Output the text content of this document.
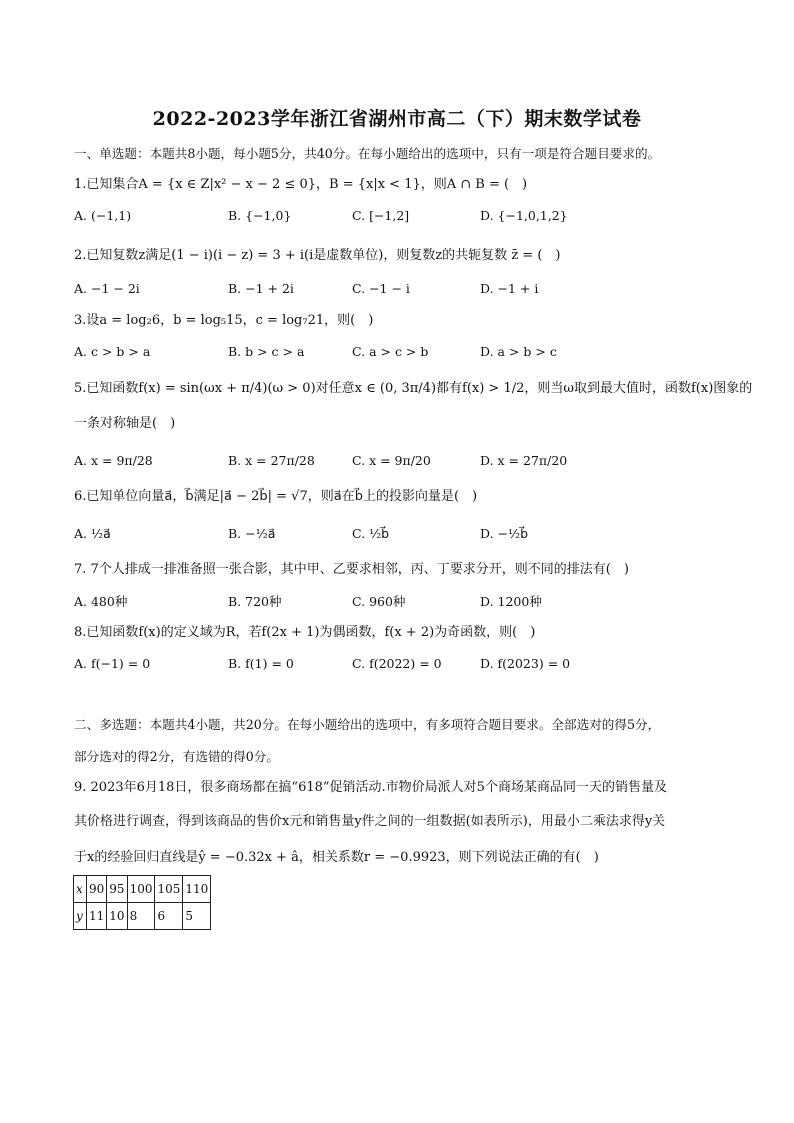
2022-2023学年浙江省湖州市高二（下）期末数学试卷
一、单选题：本题共8小题，每小题5分，共40分。在每小题给出的选项中，只有一项是符合题目要求的。
1.已知集合A = {x ∈ Z|x² − x − 2 ≤ 0}，B = {x|x < 1}，则A ∩ B = (　)
A. (−1,1)	B. {−1,0}	C. [−1,2]	D. {−1,0,1,2}
2.已知复数z满足(1 − i)(i − z) = 3 + i(i是虚数单位)，则复数z的共轭复数 z̄ = (　)
A. −1 − 2i	B. −1 + 2i	C. −1 − i	D. −1 + i
3.设a = log₂6，b = log₅15，c = log₇21，则(　)
A. c > b > a	B. b > c > a	C. a > c > b	D. a > b > c
5.已知函数f(x) = sin(ωx + π/4)(ω > 0)对任意x ∈ (0, 3π/4)都有f(x) > 1/2，则当ω取到最大值时，函数f(x)图象的
一条对称轴是(　)
A. x = 9π/28	B. x = 27π/28	C. x = 9π/20	D. x = 27π/20
6.已知单位向量a⃗，b⃗满足|a⃗ − 2b⃗| = √7，则a⃗在b⃗上的投影向量是(　)
A. ½a⃗	B. −½a⃗	C. ½b⃗	D. −½b⃗
7. 7个人排成一排准备照一张合影，其中甲、乙要求相邻，丙、丁要求分开，则不同的排法有(　)
A. 480种	B. 720种	C. 960种	D. 1200种
8.已知函数f(x)的定义域为R，若f(2x + 1)为偶函数，f(x + 2)为奇函数，则(　)
A. f(−1) = 0	B. f(1) = 0	C. f(2022) = 0	D. f(2023) = 0
二、多选题：本题共4小题，共20分。在每小题给出的选项中，有多项符合题目要求。全部选对的得5分，
部分选对的得2分，有选错的得0分。
9. 2023年6月18日，很多商场都在搞“618”促销活动.市物价局派人对5个商场某商品同一天的销售量及
其价格进行调查，得到该商品的售价x元和销售量y件之间的一组数据(如表所示)，用最小二乘法求得y关
于x的经验回归直线是ŷ = −0.32x + â，相关系数r = −0.9923，则下列说法正确的有(　)
x	90	95	100	105	110
y	11	10	8	6	5
